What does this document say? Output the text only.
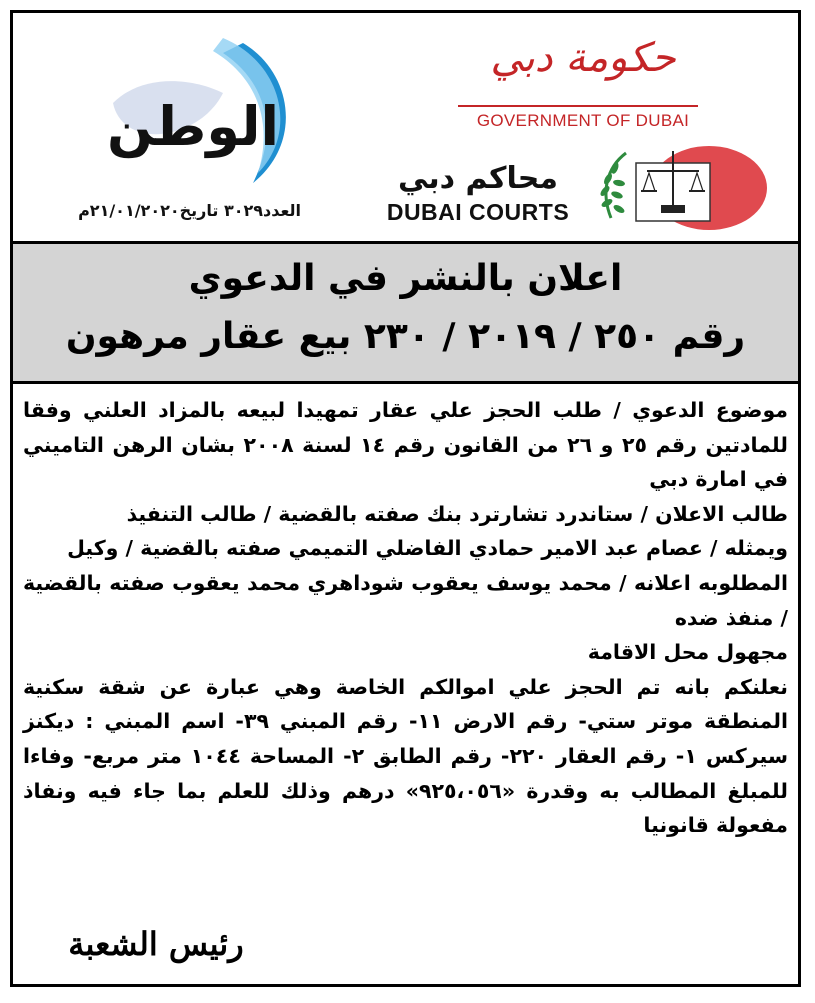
الوطن
العدد٣٠٢٩ تاريخ٢١/٠١/٢٠٢٠م
حكومة دبي
GOVERNMENT OF DUBAI
محاكم دبي
DUBAI COURTS
اعلان بالنشر في الدعوي
رقم ٢٥٠ / ٢٠١٩ / ٢٣٠ بيع عقار مرهون

موضوع الدعوي / طلب الحجز علي عقار تمهيدا لبيعه بالمزاد العلني وفقا للمادتين رقم ٢٥ و ٢٦ من القانون رقم ١٤ لسنة ٢٠٠٨ بشان الرهن التاميني في امارة دبي

طالب الاعلان / ستاندرد تشارترد بنك صفته بالقضية / طالب التنفيذ

ويمثله / عصام عبد الامير حمادي الفاضلي التميمي صفته بالقضية / وكيل

المطلوبه اعلانه / محمد يوسف يعقوب شوداهري محمد يعقوب صفته بالقضية / منفذ ضده

مجهول محل الاقامة

نعلنكم بانه تم الحجز علي اموالكم الخاصة وهي عبارة عن شقة سكنية المنطقة موتر ستي- رقم الارض ١١- رقم المبني ٣٩- اسم المبني : ديكنز سيركس ١- رقم العقار ٢٢٠- رقم الطابق ٢- المساحة ١٠٤٤ متر مربع- وفاءا للمبلغ المطالب به وقدرة «٩٢٥،٠٥٦» درهم وذلك للعلم بما جاء فيه ونفاذ مفعولة قانونيا

رئيس الشعبة
